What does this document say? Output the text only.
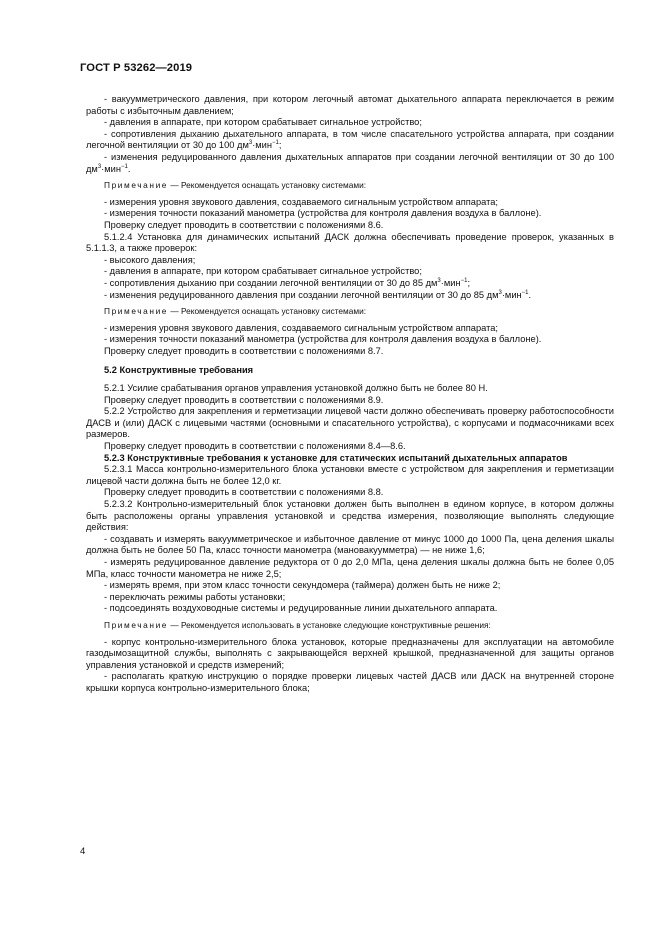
ГОСТ Р 53262—2019
- вакуумметрического давления, при котором легочный автомат дыхательного аппарата переключается в режим работы с избыточным давлением;
- давления в аппарате, при котором срабатывает сигнальное устройство;
- сопротивления дыханию дыхательного аппарата, в том числе спасательного устройства аппарата, при создании легочной вентиляции от 30 до 100 $дм^3\cdot мин^{-1}$;
- изменения редуцированного давления дыхательных аппаратов при создании легочной вентиляции от 30 до 100 $дм^3\cdot мин^{-1}$.
Примечание — Рекомендуется оснащать установку системами:
- измерения уровня звукового давления, создаваемого сигнальным устройством аппарата;
- измерения точности показаний манометра (устройства для контроля давления воздуха в баллоне).
Проверку следует проводить в соответствии с положениями 8.6.
5.1.2.4 Установка для динамических испытаний ДАСК должна обеспечивать проведение проверок, указанных в 5.1.1.3, а также проверок:
- высокого давления;
- давления в аппарате, при котором срабатывает сигнальное устройство;
- сопротивления дыханию при создании легочной вентиляции от 30 до 85 $дм^3\cdot мин^{-1}$;
- изменения редуцированного давления при создании легочной вентиляции от 30 до 85 $дм^3\cdot мин^{-1}$.
Примечание — Рекомендуется оснащать установку системами:
- измерения уровня звукового давления, создаваемого сигнальным устройством аппарата;
- измерения точности показаний манометра (устройства для контроля давления воздуха в баллоне).
Проверку следует проводить в соответствии с положениями 8.7.
5.2 Конструктивные требования
5.2.1 Усилие срабатывания органов управления установкой должно быть не более 80 Н.
Проверку следует проводить в соответствии с положениями 8.9.
5.2.2 Устройство для закрепления и герметизации лицевой части должно обеспечивать проверку работоспособности ДАСВ и (или) ДАСК с лицевыми частями (основными и спасательного устройства), с корпусами и подмасочниками всех размеров.
Проверку следует проводить в соответствии с положениями 8.4—8.6.
5.2.3 Конструктивные требования к установке для статических испытаний дыхательных аппаратов
5.2.3.1 Масса контрольно-измерительного блока установки вместе с устройством для закрепления и герметизации лицевой части должна быть не более 12,0 кг.
Проверку следует проводить в соответствии с положениями 8.8.
5.2.3.2 Контрольно-измерительный блок установки должен быть выполнен в едином корпусе, в котором должны быть расположены органы управления установкой и средства измерения, позволяющие выполнять следующие действия:
- создавать и измерять вакуумметрическое и избыточное давление от минус 1000 до 1000 Па, цена деления шкалы должна быть не более 50 Па, класс точности манометра (мановакуумметра) — не ниже 1,6;
- измерять редуцированное давление редуктора от 0 до 2,0 МПа, цена деления шкалы должна быть не более 0,05 МПа, класс точности манометра не ниже 2,5;
- измерять время, при этом класс точности секундомера (таймера) должен быть не ниже 2;
- переключать режимы работы установки;
- подсоединять воздуховодные системы и редуцированные линии дыхательного аппарата.
Примечание — Рекомендуется использовать в установке следующие конструктивные решения:
- корпус контрольно-измерительного блока установок, которые предназначены для эксплуатации на автомобиле газодымозащитной службы, выполнять с закрывающейся верхней крышкой, предназначенной для защиты органов управления установкой и средств измерений;
- располагать краткую инструкцию о порядке проверки лицевых частей ДАСВ или ДАСК на внутренней стороне крышки корпуса контрольно-измерительного блока;
4
